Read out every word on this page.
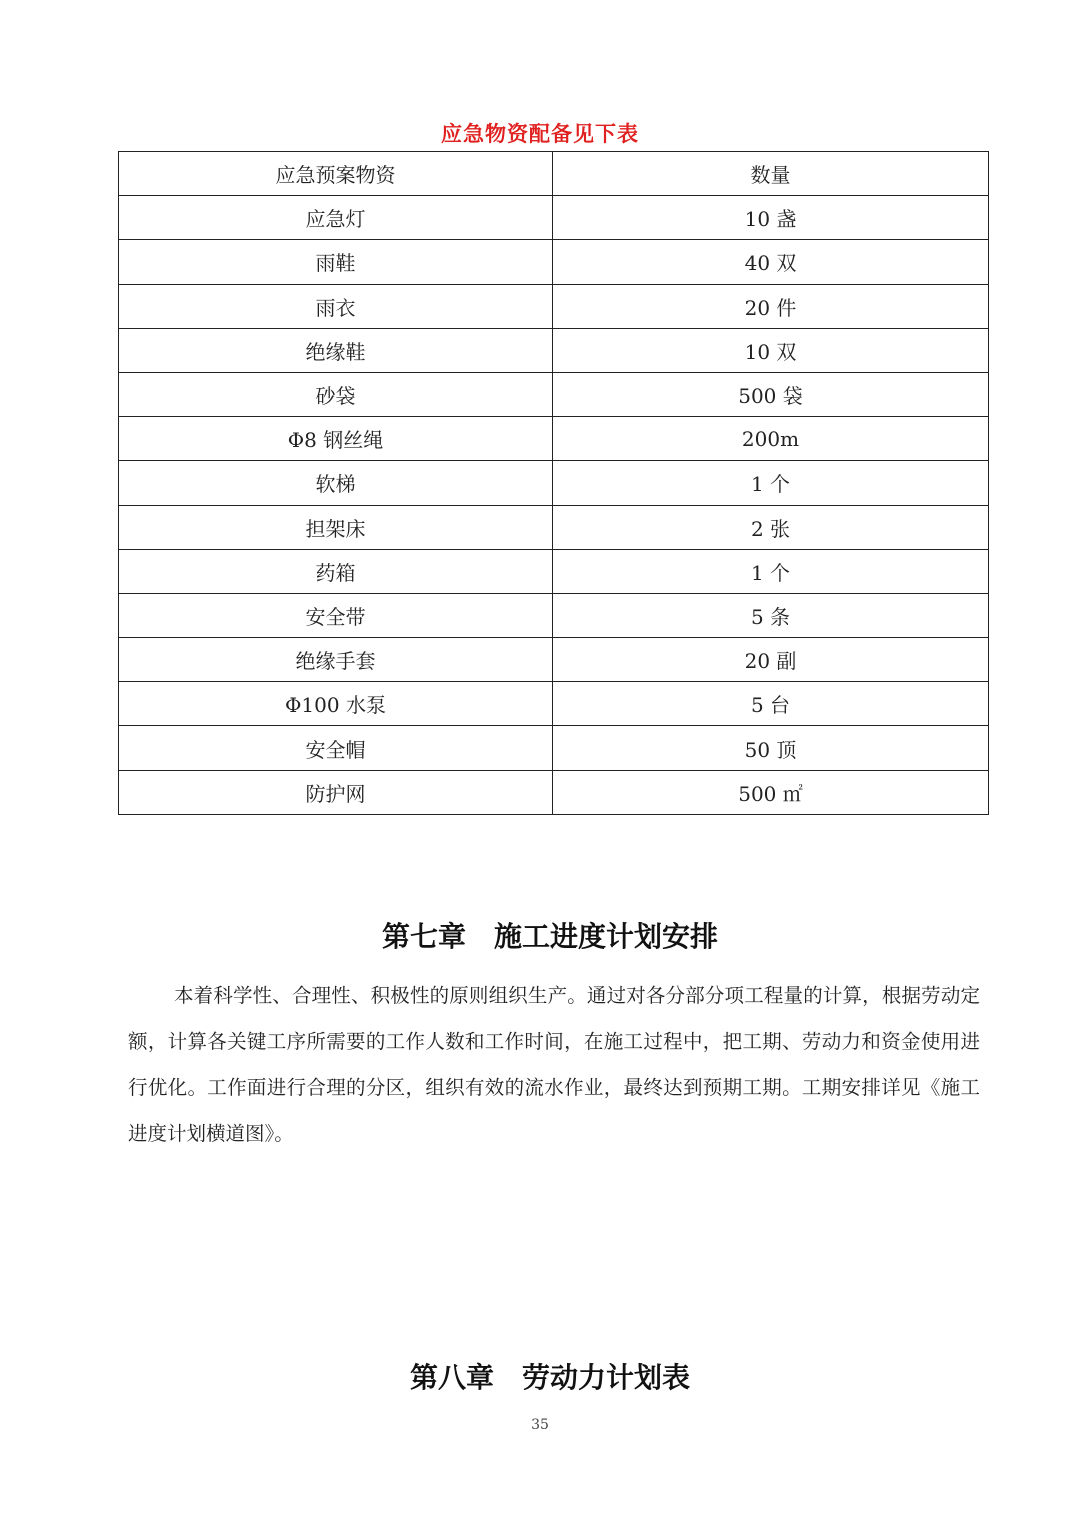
应急物资配备见下表
应急预案物资	数量
应急灯	10 盏
雨鞋	40 双
雨衣	20 件
绝缘鞋	10 双
砂袋	500 袋
Φ8 钢丝绳	200m
软梯	1 个
担架床	2 张
药箱	1 个
安全带	5 条
绝缘手套	20 副
Φ100 水泵	5 台
安全帽	50 顶
防护网	500 ㎡
第七章　施工进度计划安排

本着科学性、合理性、积极性的原则组织生产。通过对各分部分项工程量的计算，根据劳动定额，计算各关键工序所需要的工作人数和工作时间，在施工过程中，把工期、劳动力和资金使用进行优化。工作面进行合理的分区，组织有效的流水作业，最终达到预期工期。工期安排详见《施工进度计划横道图》。

第八章　劳动力计划表
35
